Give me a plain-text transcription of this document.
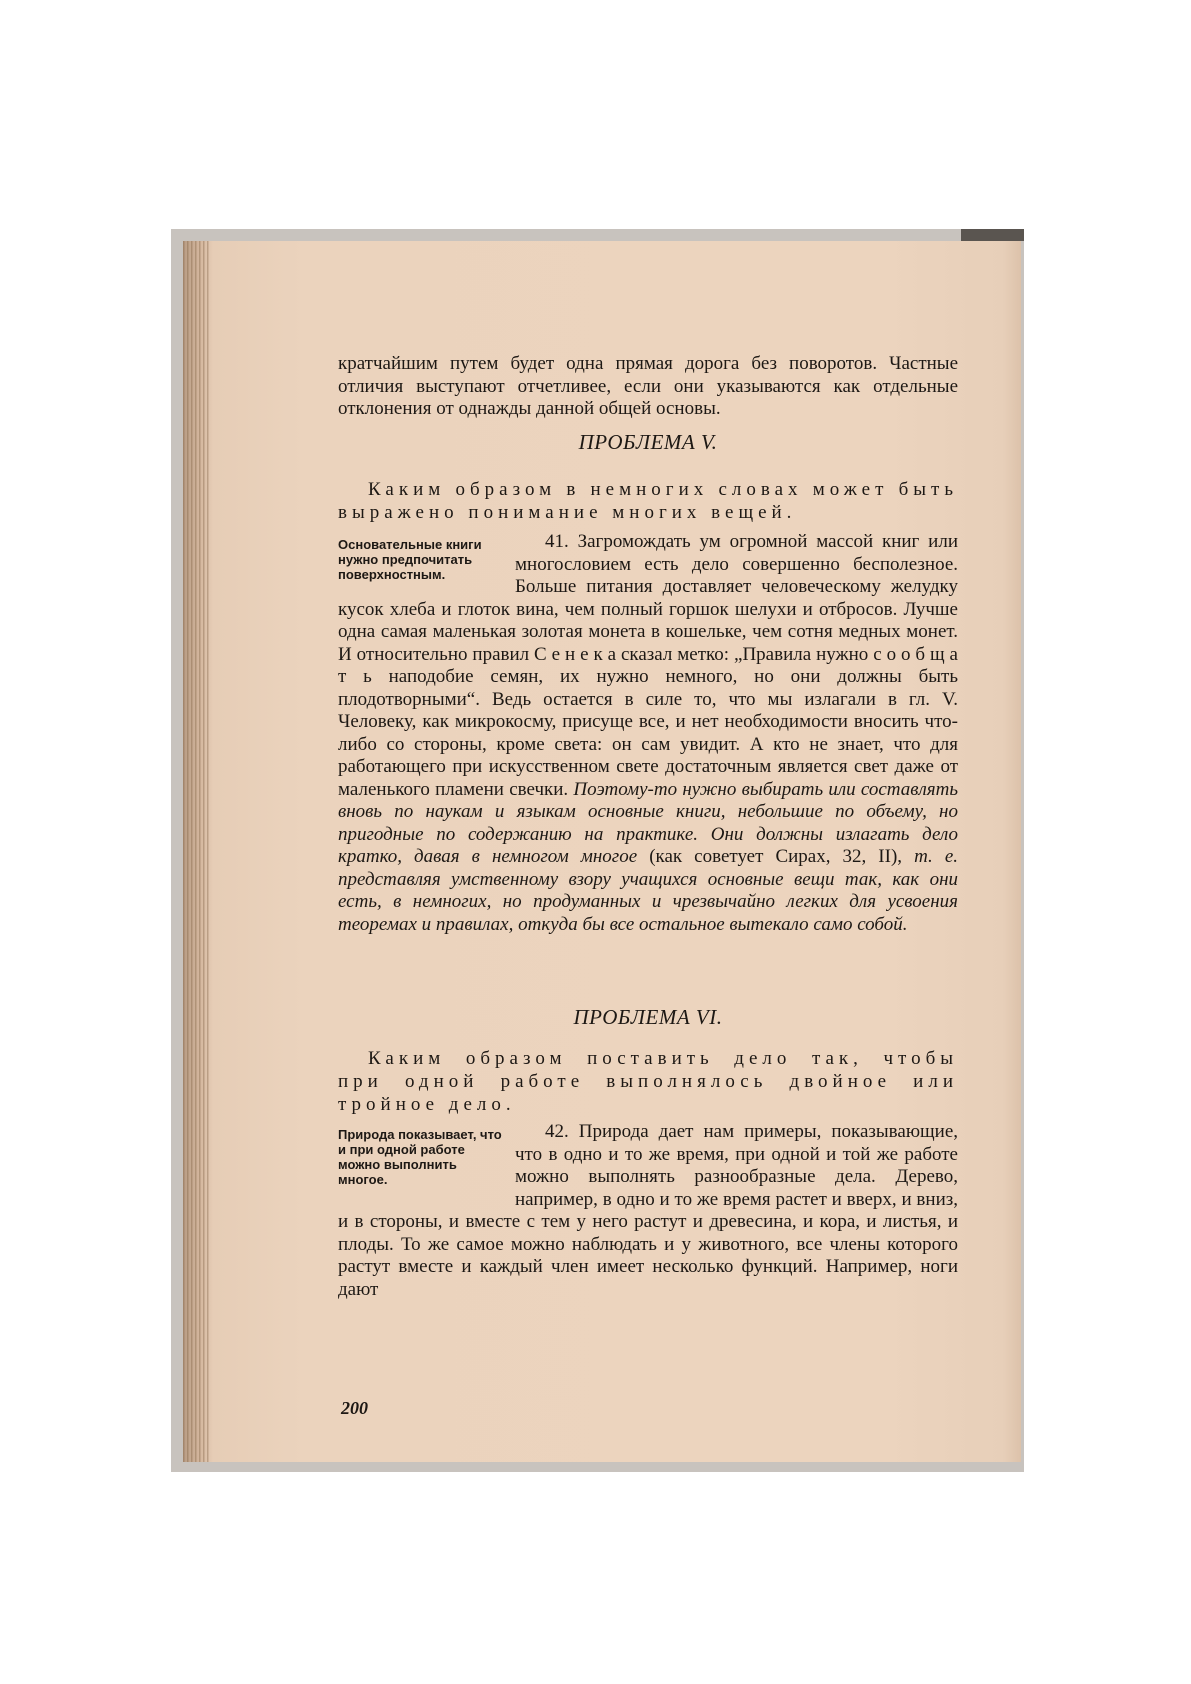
кратчайшим путем будет одна прямая дорога без поворотов. Частные отличия выступают отчетливее, если они указываются как отдельные отклонения от однажды данной общей основы.

ПРОБЛЕМА V.
Каким образом в немногих словах может быть выражено понимание многих вещей.
Основательные книги нужно предпочитать поверхностным.

41. Загромождать ум огромной массой книг или многословием есть дело совершенно бесполезное. Больше питания доставляет человеческому желудку кусок хлеба и глоток вина, чем полный горшок шелухи и отбросов. Лучше одна самая маленькая золотая монета в кошельке, чем сотня медных монет. И относительно правил С е н е к а сказал метко: „Правила нужно с о о б щ а т ь наподобие семян, их нужно немного, но они должны быть плодотворными“. Ведь остается в силе то, что мы излагали в гл. V. Человеку, как микрокосму, присуще все, и нет необходимости вносить что-либо со стороны, кроме света: он сам увидит. А кто не знает, что для работающего при искусственном свете достаточным является свет даже от маленького пламени свечки. Поэтому-то нужно выбирать или составлять вновь по наукам и языкам основные книги, небольшие по объему, но пригодные по содержанию на практике. Они должны излагать дело кратко, давая в немногом многое (как советует Сирах, 32, II), т. е. представляя умственному взору учащихся основные вещи так, как они есть, в немногих, но продуманных и чрезвычайно легких для усвоения теоремах и правилах, откуда бы все остальное вытекало само собой.

ПРОБЛЕМА VI.
Каким образом поставить дело так, чтобы при одной работе выполнялось двойное или тройное дело.
Природа показывает, что и при одной работе можно выполнить многое.

42. Природа дает нам примеры, показывающие, что в одно и то же время, при одной и той же работе можно выполнять разнообразные дела. Дерево, например, в одно и то же время растет и вверх, и вниз, и в стороны, и вместе с тем у него растут и древесина, и кора, и листья, и плоды. То же самое можно наблюдать и у животного, все члены которого растут вместе и каждый член имеет несколько функций. Например, ноги дают

200
